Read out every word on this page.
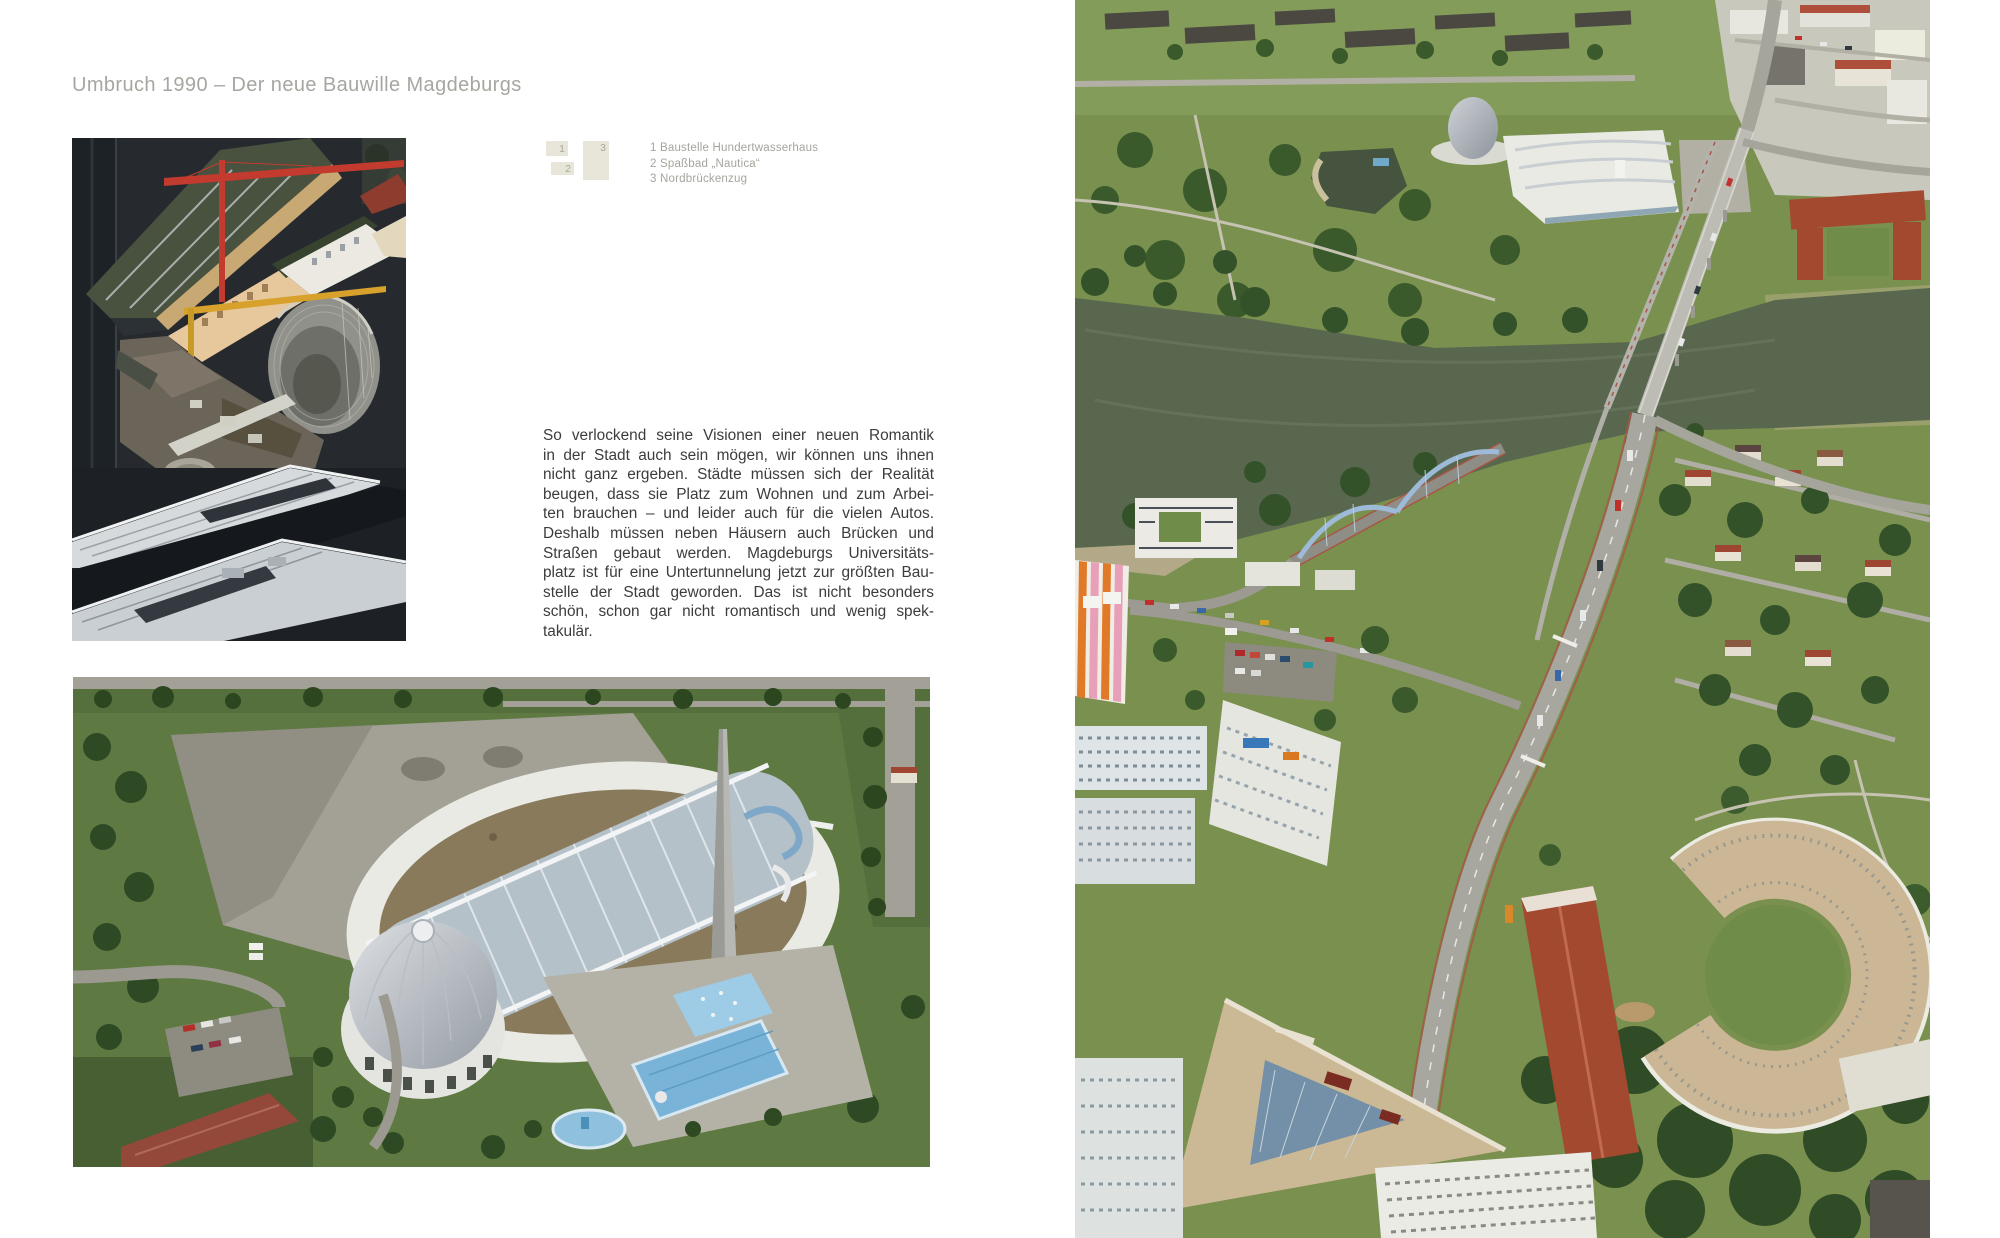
Umbruch 1990 – Der neue Bauwille Magdeburgs
1
2
3	1 Baustelle Hundertwasserhaus
2 Spaßbad „Nautica“
3 Nordbrückenzug
So verlockend seine Visionen einer neuen Romantik
in der Stadt auch sein mögen, wir können uns ihnen
nicht ganz ergeben. Städte müssen sich der Realität
beugen, dass sie Platz zum Wohnen und zum Arbei-
ten brauchen – und leider auch für die vielen Autos.
Deshalb müssen neben Häusern auch Brücken und
Straßen gebaut werden. Magdeburgs Universitäts-
platz ist für eine Untertunnelung jetzt zur größten Bau-
stelle der Stadt geworden. Das ist nicht besonders
schön, schon gar nicht romantisch und wenig spek-
takulär.
